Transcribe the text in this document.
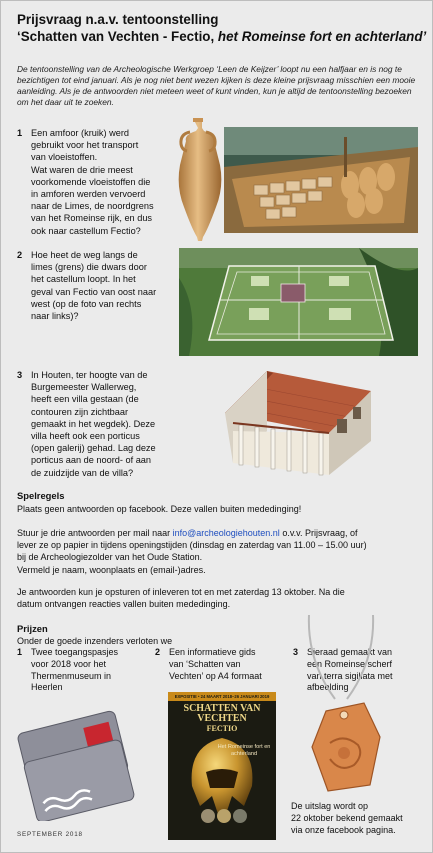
Prijsvraag n.a.v. tentoonstelling
‘Schatten van Vechten - Fectio, het Romeinse fort en achterland’
De tentoonstelling van de Archeologische Werkgroep ‘Leen de Keijzer’ loopt nu een halfjaar en is nog te bezichtigen tot eind januari. Als je nog niet bent wezen kijken is deze kleine prijsvraag misschien een mooie aanleiding. Als je de antwoorden niet meteen weet of kunt vinden, kun je altijd de tentoonstelling bezoeken om het daar uit te zoeken.
1 Een amfoor (kruik) werd
gebruikt voor het transport
van vloeistoffen.
Wat waren de drie meest
voorkomende vloeistoffen die
in amforen werden vervoerd
naar de Limes, de noordgrens
van het Romeinse rijk, en dus
ook naar castellum Fectio?
2 Hoe heet de weg langs de
limes (grens) die dwars door
het castellum loopt. In het
geval van Fectio van oost naar
west (op de foto van rechts
naar links)?
3 In Houten, ter hoogte van de
Burgemeester Wallerweg,
heeft een villa gestaan (de
contouren zijn zichtbaar
gemaakt in het wegdek). Deze
villa heeft ook een porticus
(open galerij) gehad. Lag deze
porticus aan de noord- of aan
de zuidzijde van de villa?
Spelregels
Plaats geen antwoorden op facebook. Deze vallen buiten mededinging!
Stuur je drie antwoorden per mail naar info@archeologiehouten.nl o.v.v. Prijsvraag, of
lever ze op papier in tijdens openingstijden (dinsdag en zaterdag van 11.00 – 15.00 uur)
bij de Archeologiezolder van het Oude Station.
Vermeld je naam, woonplaats en (email-)adres.
Je antwoorden kun je opsturen of inleveren tot en met zaterdag 13 oktober. Na die
datum ontvangen reacties vallen buiten mededinging.
Prijzen
Onder de goede inzenders verloten we
1 Twee toegangspasjes
voor 2018 voor het
Thermenmuseum in
Heerlen
2 Een informatieve gids
van ‘Schatten van
Vechten’ op A4 formaat
3 Sieraad gemaakt van
een Romeinse scherf
van terra sigillata met
afbeelding
EXPOSITIE • 24 MAART 2018–26 JANUARI 2019
SCHATTEN VAN
VECHTEN
FECTIO
Het Romeinse fort en achterland
De uitslag wordt op
22 oktober bekend gemaakt
via onze facebook pagina.
SEPTEMBER 2018
